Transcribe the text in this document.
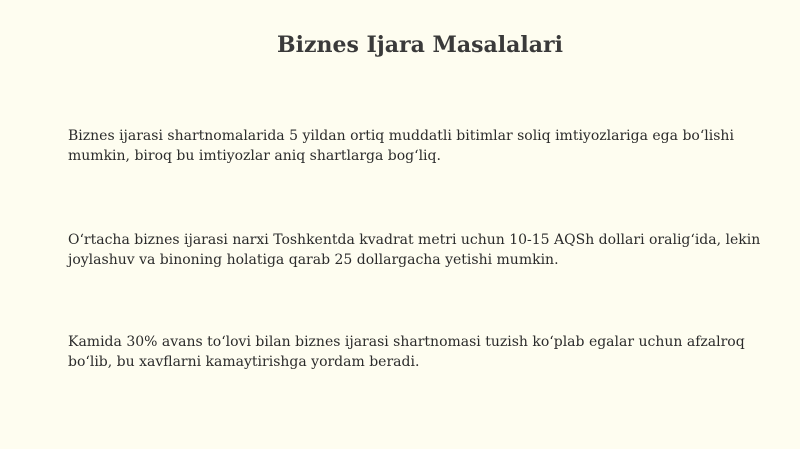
Biznes Ijara Masalalari

Biznes ijarasi shartnomalarida 5 yildan ortiq muddatli bitimlar soliq imtiyozlariga ega bo‘lishi mumkin, biroq bu imtiyozlar aniq shartlarga bog‘liq.

O‘rtacha biznes ijarasi narxi Toshkentda kvadrat metri uchun 10-15 AQSh dollari oralig‘ida, lekin joylashuv va binoning holatiga qarab 25 dollargacha yetishi mumkin.

Kamida 30% avans to‘lovi bilan biznes ijarasi shartnomasi tuzish ko‘plab egalar uchun afzalroq bo‘lib, bu xavflarni kamaytirishga yordam beradi.
